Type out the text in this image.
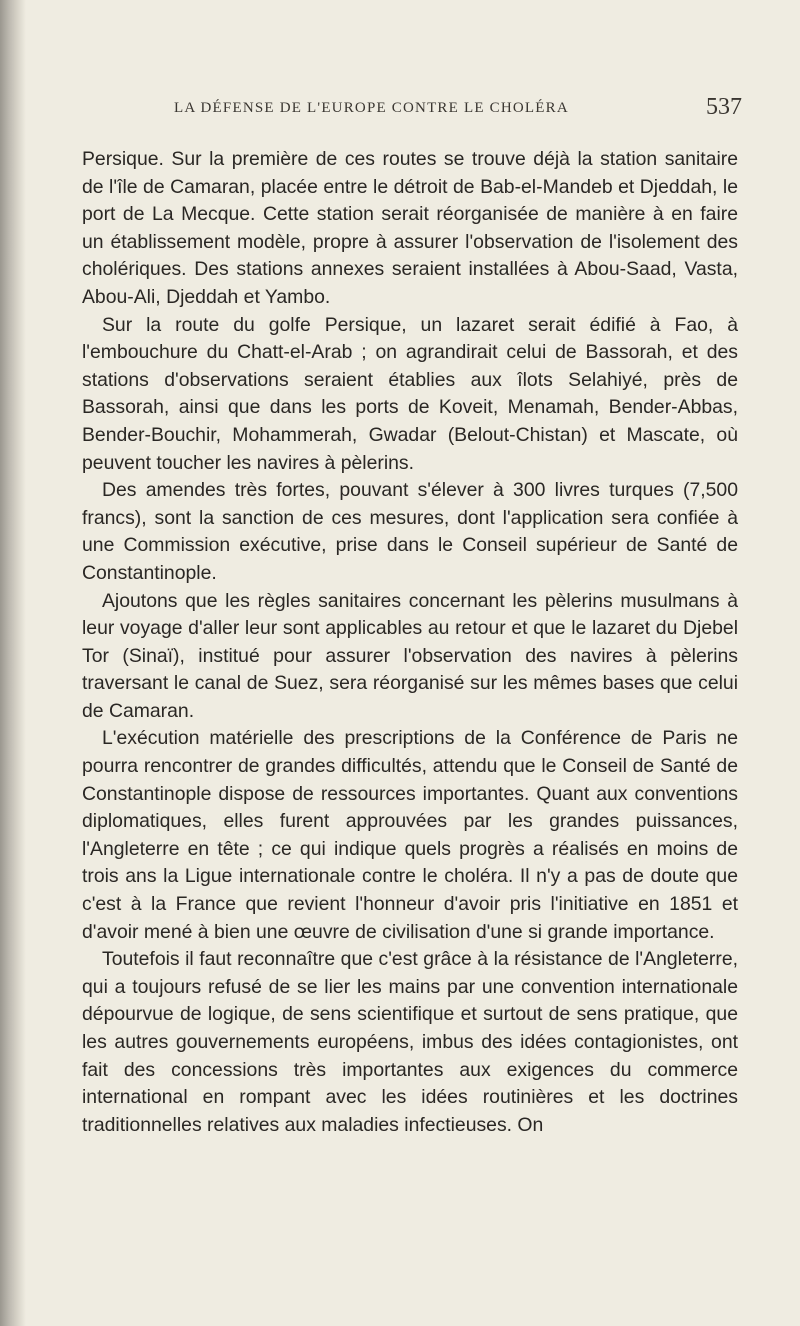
LA DÉFENSE DE L'EUROPE CONTRE LE CHOLÉRA	537

Persique. Sur la première de ces routes se trouve déjà la station sanitaire de l'île de Camaran, placée entre le détroit de Bab-el-Mandeb et Djeddah, le port de La Mecque. Cette station serait réorganisée de manière à en faire un établissement modèle, propre à assurer l'observation de l'isolement des cholériques. Des stations annexes seraient installées à Abou-Saad, Vasta, Abou-Ali, Djeddah et Yambo.

Sur la route du golfe Persique, un lazaret serait édifié à Fao, à l'embouchure du Chatt-el-Arab ; on agrandirait celui de Bassorah, et des stations d'observations seraient établies aux îlots Selahiyé, près de Bassorah, ainsi que dans les ports de Koveit, Menamah, Bender-Abbas, Bender-Bouchir, Mohammerah, Gwadar (Belout-Chistan) et Mascate, où peuvent toucher les navires à pèlerins.

Des amendes très fortes, pouvant s'élever à 300 livres turques (7,500 francs), sont la sanction de ces mesures, dont l'application sera confiée à une Commission exécutive, prise dans le Conseil supérieur de Santé de Constantinople.

Ajoutons que les règles sanitaires concernant les pèlerins musulmans à leur voyage d'aller leur sont applicables au retour et que le lazaret du Djebel Tor (Sinaï), institué pour assurer l'observation des navires à pèlerins traversant le canal de Suez, sera réorganisé sur les mêmes bases que celui de Camaran.

L'exécution matérielle des prescriptions de la Conférence de Paris ne pourra rencontrer de grandes difficultés, attendu que le Conseil de Santé de Constantinople dispose de ressources importantes. Quant aux conventions diplomatiques, elles furent approuvées par les grandes puissances, l'Angleterre en tête ; ce qui indique quels progrès a réalisés en moins de trois ans la Ligue internationale contre le choléra. Il n'y a pas de doute que c'est à la France que revient l'honneur d'avoir pris l'initiative en 1851 et d'avoir mené à bien une œuvre de civilisation d'une si grande importance.

Toutefois il faut reconnaître que c'est grâce à la résistance de l'Angleterre, qui a toujours refusé de se lier les mains par une convention internationale dépourvue de logique, de sens scientifique et surtout de sens pratique, que les autres gouvernements européens, imbus des idées contagionistes, ont fait des concessions très importantes aux exigences du commerce international en rompant avec les idées routinières et les doctrines traditionnelles relatives aux maladies infectieuses. On
